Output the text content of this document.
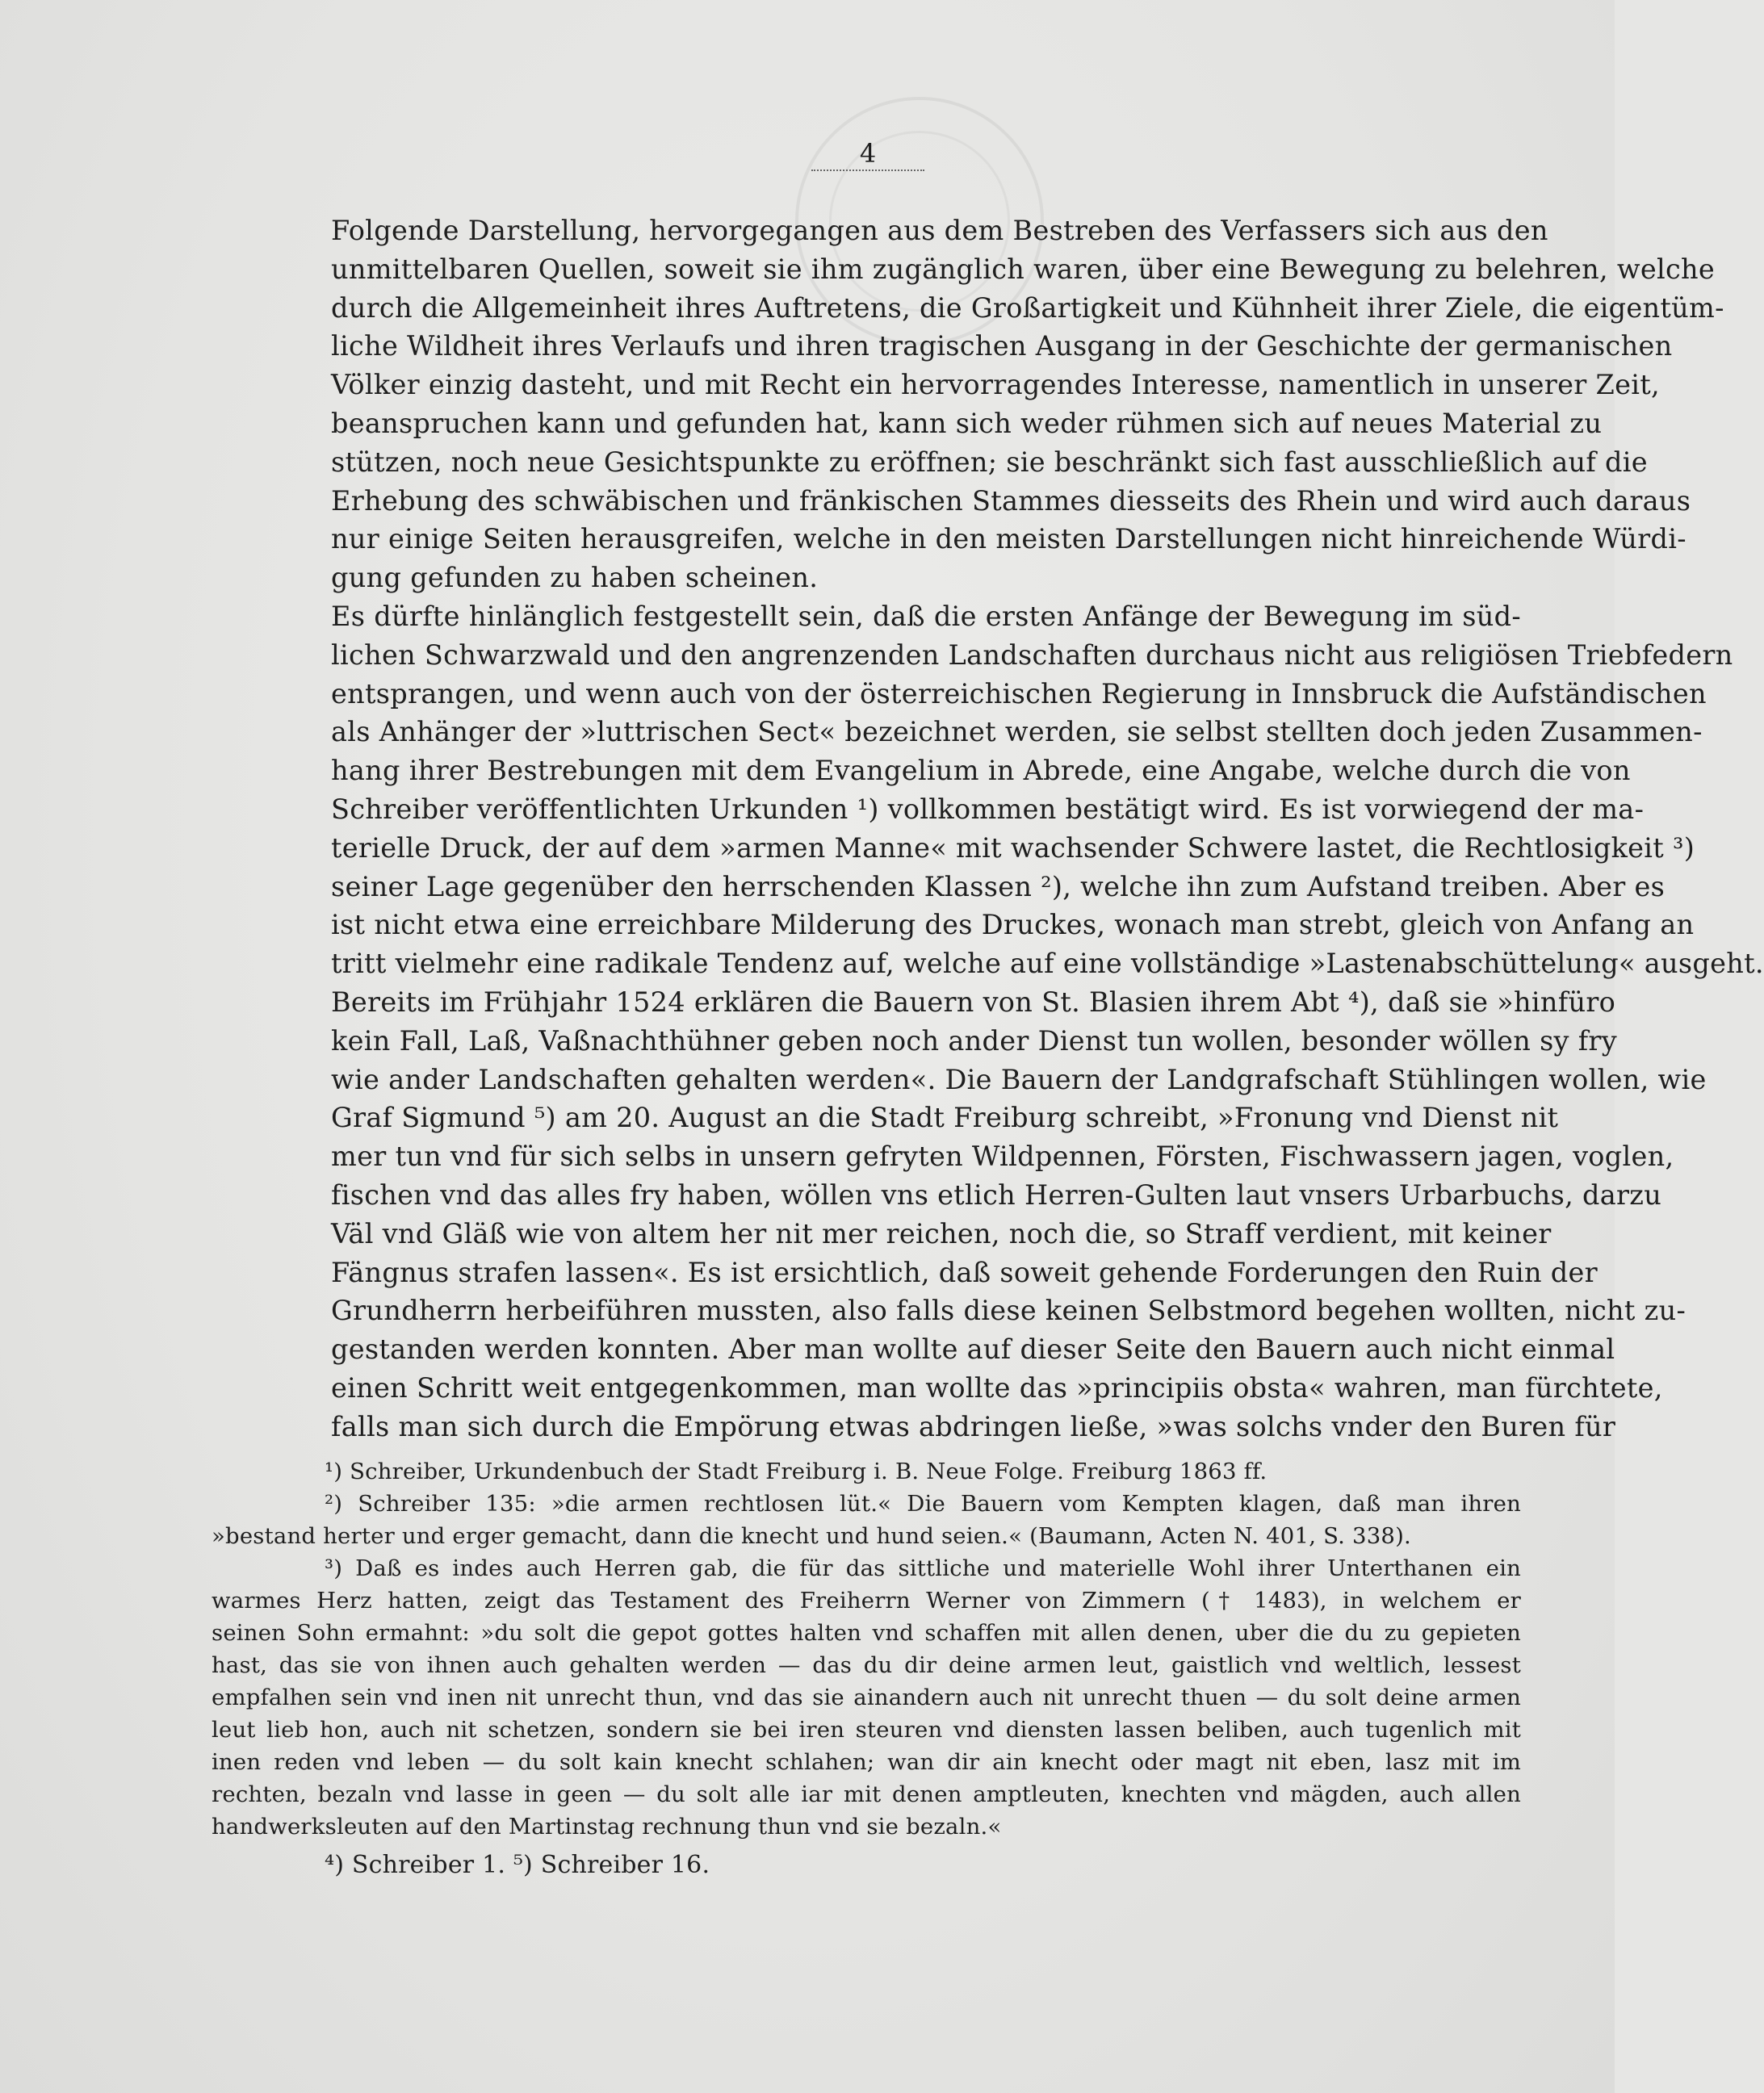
4
Folgende Darstellung, hervorgegangen aus dem Bestreben des Verfassers sich aus den
unmittelbaren Quellen, soweit sie ihm zugänglich waren, über eine Bewegung zu belehren, welche
durch die Allgemeinheit ihres Auftretens, die Großartigkeit und Kühnheit ihrer Ziele, die eigentüm-
liche Wildheit ihres Verlaufs und ihren tragischen Ausgang in der Geschichte der germanischen
Völker einzig dasteht, und mit Recht ein hervorragendes Interesse, namentlich in unserer Zeit,
beanspruchen kann und gefunden hat, kann sich weder rühmen sich auf neues Material zu
stützen, noch neue Gesichtspunkte zu eröffnen; sie beschränkt sich fast ausschließlich auf die
Erhebung des schwäbischen und fränkischen Stammes diesseits des Rhein und wird auch daraus
nur einige Seiten herausgreifen, welche in den meisten Darstellungen nicht hinreichende Würdi-
gung gefunden zu haben scheinen.
Es dürfte hinlänglich festgestellt sein, daß die ersten Anfänge der Bewegung im süd-
lichen Schwarzwald und den angrenzenden Landschaften durchaus nicht aus religiösen Triebfedern
entsprangen, und wenn auch von der österreichischen Regierung in Innsbruck die Aufständischen
als Anhänger der »luttrischen Sect« bezeichnet werden, sie selbst stellten doch jeden Zusammen-
hang ihrer Bestrebungen mit dem Evangelium in Abrede, eine Angabe, welche durch die von
Schreiber veröffentlichten Urkunden ¹) vollkommen bestätigt wird. Es ist vorwiegend der ma-
terielle Druck, der auf dem »armen Manne« mit wachsender Schwere lastet, die Rechtlosigkeit ³)
seiner Lage gegenüber den herrschenden Klassen ²), welche ihn zum Aufstand treiben. Aber es
ist nicht etwa eine erreichbare Milderung des Druckes, wonach man strebt, gleich von Anfang an
tritt vielmehr eine radikale Tendenz auf, welche auf eine vollständige »Lastenabschüttelung« ausgeht.
Bereits im Frühjahr 1524 erklären die Bauern von St. Blasien ihrem Abt ⁴), daß sie »hinfüro
kein Fall, Laß, Vaßnachthühner geben noch ander Dienst tun wollen, besonder wöllen sy fry
wie ander Landschaften gehalten werden«. Die Bauern der Landgrafschaft Stühlingen wollen, wie
Graf Sigmund ⁵) am 20. August an die Stadt Freiburg schreibt, »Fronung vnd Dienst nit
mer tun vnd für sich selbs in unsern gefryten Wildpennen, Försten, Fischwassern jagen, voglen,
fischen vnd das alles fry haben, wöllen vns etlich Herren-Gulten laut vnsers Urbarbuchs, darzu
Väl vnd Gläß wie von altem her nit mer reichen, noch die, so Straff verdient, mit keiner
Fängnus strafen lassen«. Es ist ersichtlich, daß soweit gehende Forderungen den Ruin der
Grundherrn herbeiführen mussten, also falls diese keinen Selbstmord begehen wollten, nicht zu-
gestanden werden konnten. Aber man wollte auf dieser Seite den Bauern auch nicht einmal
einen Schritt weit entgegenkommen, man wollte das »principiis obsta« wahren, man fürchtete,
falls man sich durch die Empörung etwas abdringen ließe, »was solchs vnder den Buren für
¹) Schreiber, Urkundenbuch der Stadt Freiburg i. B. Neue Folge. Freiburg 1863 ff.
²) Schreiber 135: »die armen rechtlosen lüt.« Die Bauern vom Kempten klagen, daß man ihren
»bestand herter und erger gemacht, dann die knecht und hund seien.« (Baumann, Acten N. 401, S. 338).
³) Daß es indes auch Herren gab, die für das sittliche und materielle Wohl ihrer Unterthanen ein
warmes Herz hatten, zeigt das Testament des Freiherrn Werner von Zimmern († 1483), in welchem er
seinen Sohn ermahnt: »du solt die gepot gottes halten vnd schaffen mit allen denen, uber die du zu gepieten
hast, das sie von ihnen auch gehalten werden — das du dir deine armen leut, gaistlich vnd weltlich, lessest
empfalhen sein vnd inen nit unrecht thun, vnd das sie ainandern auch nit unrecht thuen — du solt deine armen
leut lieb hon, auch nit schetzen, sondern sie bei iren steuren vnd diensten lassen beliben, auch tugenlich mit
inen reden vnd leben — du solt kain knecht schlahen; wan dir ain knecht oder magt nit eben, lasz mit im
rechten, bezaln vnd lasse in geen — du solt alle iar mit denen amptleuten, knechten vnd mägden, auch allen
handwerksleuten auf den Martinstag rechnung thun vnd sie bezaln.«
⁴) Schreiber 1. ⁵) Schreiber 16.
